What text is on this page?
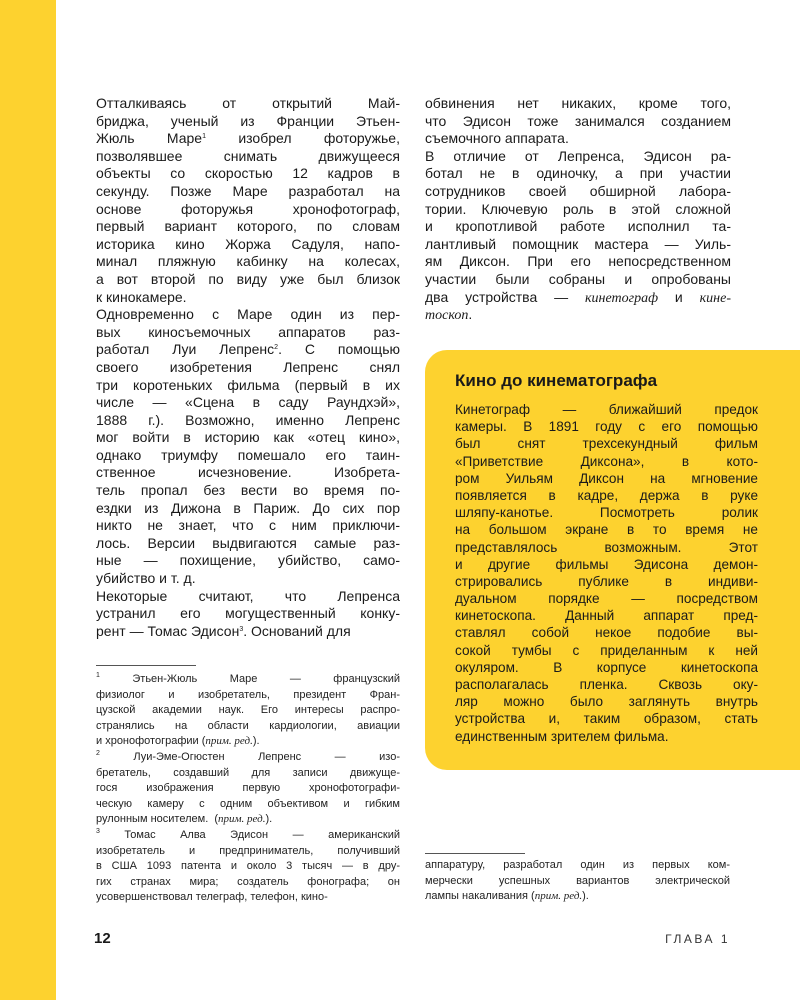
Отталкиваясь от открытий Май-
бриджа, ученый из Франции Этьен-
Жюль Маре$^1$ изобрел фоторужье,
позволявшее снимать движущееся
объекты со скоростью 12 кадров в
секунду. Позже Маре разработал на
основе фоторужья хронофотограф,
первый вариант которого, по словам
историка кино Жоржа Садуля, напо-
минал пляжную кабинку на колесах,
а вот второй по виду уже был близок
к кинокамере.
Одновременно с Маре один из пер-
вых киносъемочных аппаратов раз-
работал Луи Лепренс$^2$. С помощью
своего изобретения Лепренс снял
три коротеньких фильма (первый в их
числе — «Сцена в саду Раундхэй»,
1888 г.). Возможно, именно Лепренс
мог войти в историю как «отец кино»,
однако триумфу помешало его таин-
ственное исчезновение. Изобрета-
тель пропал без вести во время по-
ездки из Дижона в Париж. До сих пор
никто не знает, что с ним приключи-
лось. Версии выдвигаются самые раз-
ные — похищение, убийство, само-
убийство и т. д.
Некоторые считают, что Лепренса
устранил его могущественный конку-
рент — Томас Эдисон$^3$. Оснований для
обвинения нет никаких, кроме того,
что Эдисон тоже занимался созданием
съемочного аппарата.
В отличие от Лепренса, Эдисон ра-
ботал не в одиночку, а при участии
сотрудников своей обширной лабора-
тории. Ключевую роль в этой сложной
и кропотливой работе исполнил та-
лантливый помощник мастера — Уиль-
ям Диксон. При его непосредственном
участии были собраны и опробованы
два устройства — кинетограф и кине-
тоскоп.
Кино до кинематографа
Кинетограф — ближайший предок
камеры. В 1891 году с его помощью
был снят трехсекундный фильм
«Приветствие Диксона», в кото-
ром Уильям Диксон на мгновение
появляется в кадре, держа в руке
шляпу-канотье. Посмотреть ролик
на большом экране в то время не
представлялось возможным. Этот
и другие фильмы Эдисона демон-
стрировались публике в индиви-
дуальном порядке — посредством
кинетоскопа. Данный аппарат пред-
ставлял собой некое подобие вы-
сокой тумбы с приделанным к ней
окуляром. В корпусе кинетоскопа
располагалась пленка. Сквозь оку-
ляр можно было заглянуть внутрь
устройства и, таким образом, стать
единственным зрителем фильма.
$^1$ Этьен-Жюль Маре — французский
физиолог и изобретатель, президент Фран-
цузской академии наук. Его интересы распро-
странялись на области кардиологии, авиации
и хронофотографии (прим. ред.).
$^2$ Луи-Эме-Огюстен Лепренс — изо-
бретатель, создавший для записи движуще-
гося изображения первую хронофотографи-
ческую камеру с одним объективом и гибким
рулонным носителем.  (прим. ред.).
$^3$ Томас Алва Эдисон — американский
изобретатель и предприниматель, получивший
в США 1093 патента и около 3 тысяч — в дру-
гих странах мира; создатель фонографа; он
усовершенствовал телеграф, телефон, кино-
аппаратуру, разработал один из первых ком-
мерчески успешных вариантов электрической
лампы накаливания (прим. ред.).
12	ГЛАВА 1
